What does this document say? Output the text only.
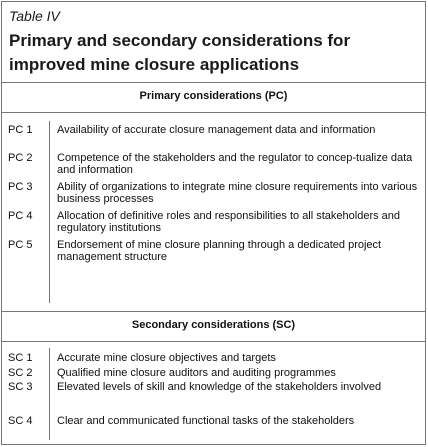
Table IV
Primary and secondary considerations for improved mine closure applications
Primary considerations (PC)
PC 1 Availability of accurate closure management data and information
PC 2 Competence of the stakeholders and the regulator to concep-tualize data and information
PC 3 Ability of organizations to integrate mine closure requirements into various business processes
PC 4 Allocation of definitive roles and responsibilities to all stakeholders and regulatory institutions
PC 5 Endorsement of mine closure planning through a dedicated project management structure
Secondary considerations (SC)
SC 1 Accurate mine closure objectives and targets
SC 2 Qualified mine closure auditors and auditing programmes
SC 3 Elevated levels of skill and knowledge of the stakeholders involved
SC 4 Clear and communicated functional tasks of the stakeholders
